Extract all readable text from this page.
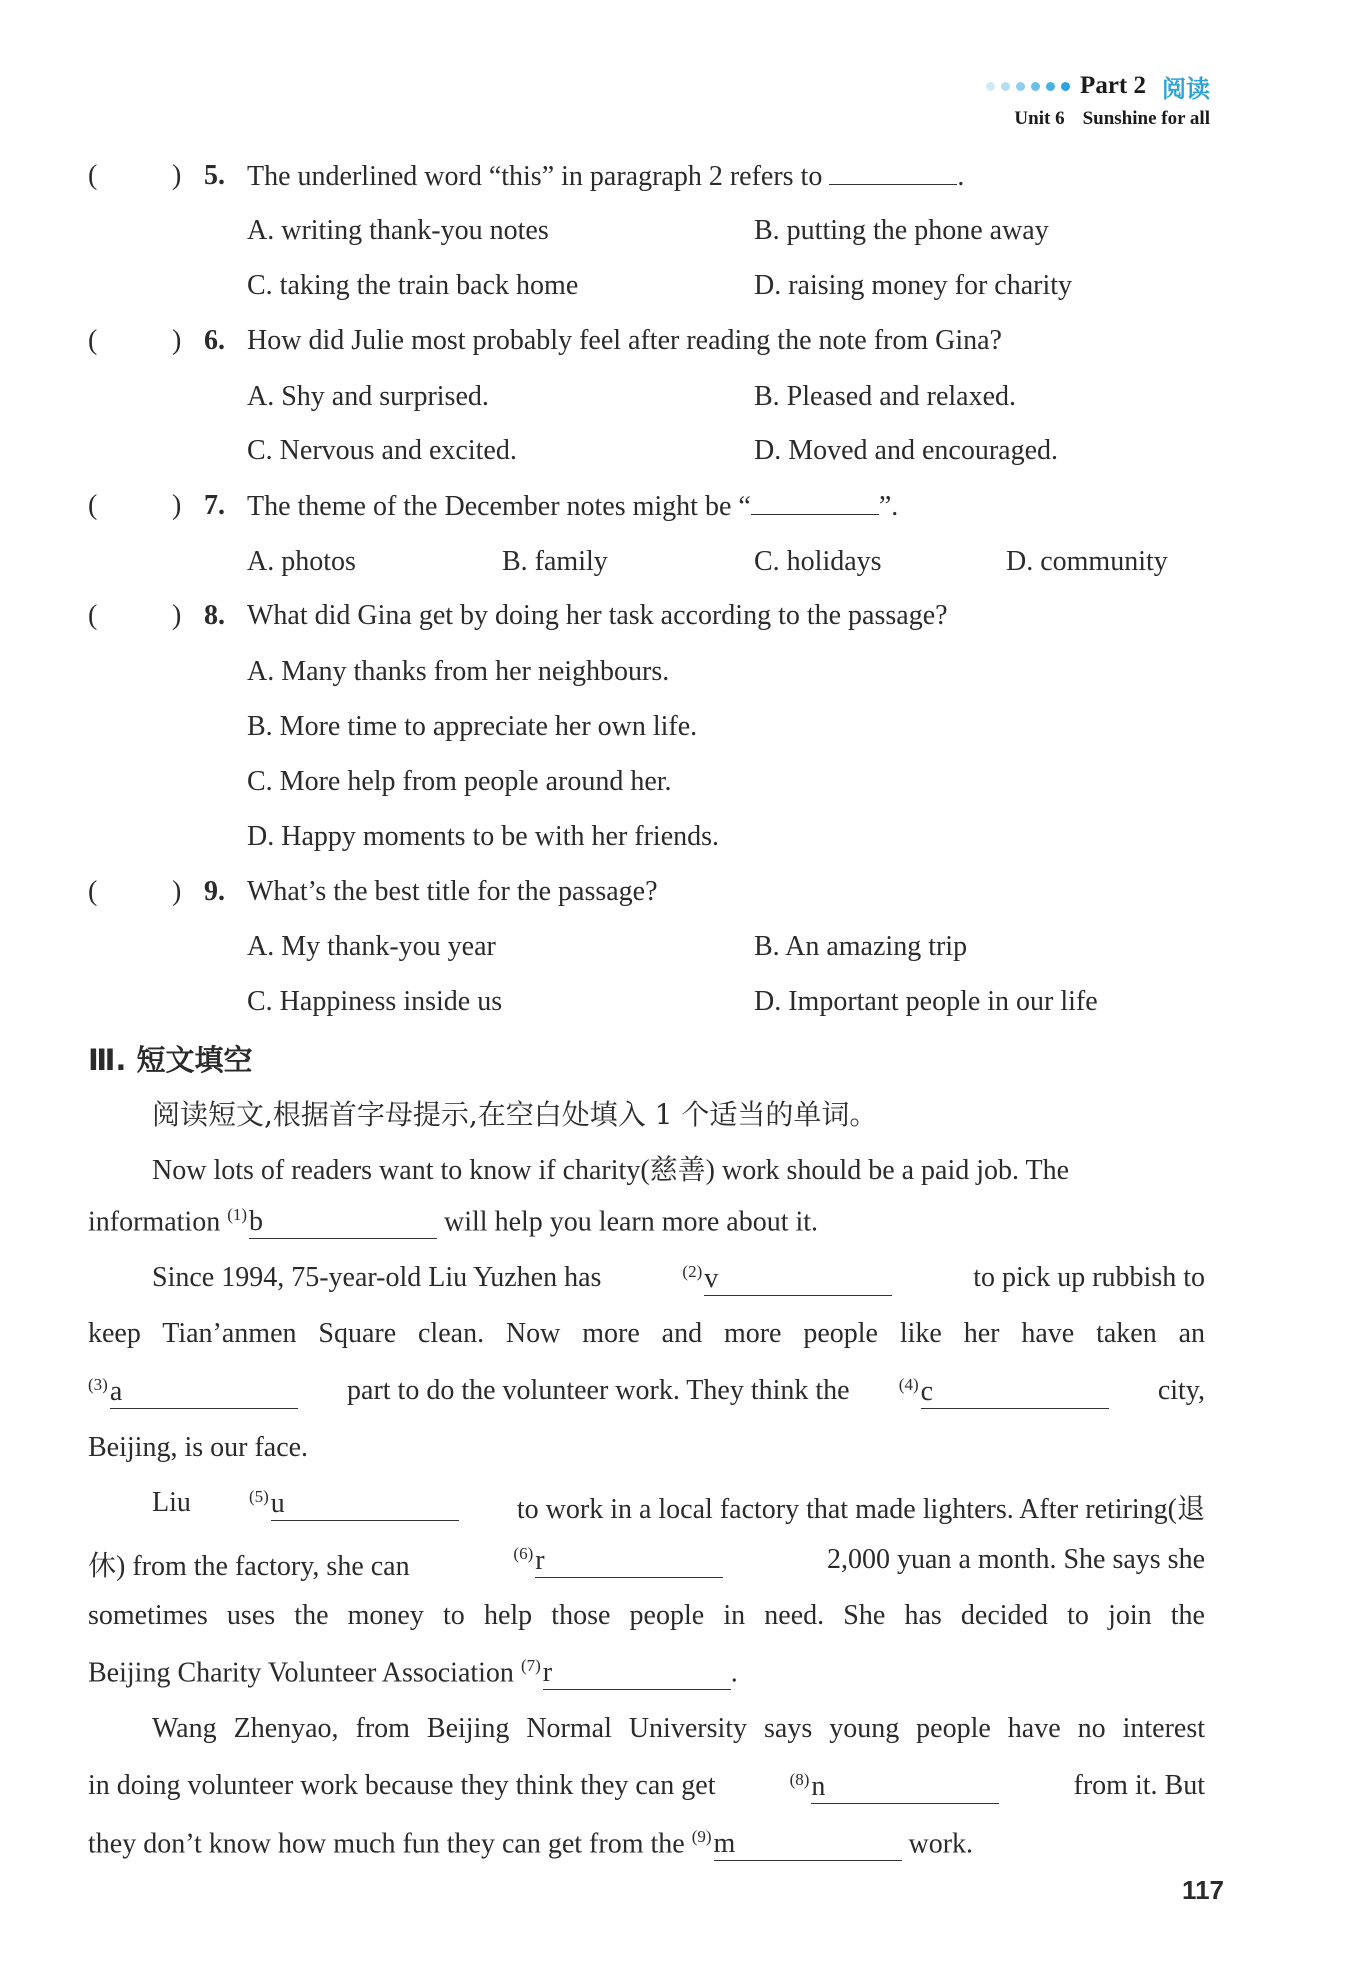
Part 2 阅读
Unit 6 Sunshine for all
(	) 5. The underlined word “this” in paragraph 2 refers to	.
A. writing thank-you notes	B. putting the phone away
C. taking the train back home	D. raising money for charity
(	) 6. How did Julie most probably feel after reading the note from Gina?
A. Shy and surprised.	B. Pleased and relaxed.
C. Nervous and excited.	D. Moved and encouraged.
(	) 7. The theme of the December notes might be “	”.
A. photos	B. family	C. holidays	D. community
(	) 8. What did Gina get by doing her task according to the passage?
A. Many thanks from her neighbours.
B. More time to appreciate her own life.
C. More help from people around her.
D. Happy moments to be with her friends.
(	) 9. What’s the best title for the passage?
A. My thank-you year	B. An amazing trip
C. Happiness inside us	D. Important people in our life
Ⅲ. 短文填空
阅读短文,根据首字母提示,在空白处填入 1 个适当的单词。
Now lots of readers want to know if charity(慈善) work should be a paid job. The
information $^{(1)}$b	will help you learn more about it.
Since 1994, 75-year-old Liu Yuzhen has	$^{(2)}$v	to pick up rubbish to
keep Tian’anmen Square clean. Now more and more people like her have taken an
$^{(3)}$a	part to do the volunteer work. They think the	$^{(4)}$c	city,
Beijing, is our face.
Liu	$^{(5)}$u	to work in a local factory that made lighters. After retiring(退
休) from the factory, she can	$^{(6)}$r	2,000 yuan a month. She says she
sometimes uses the money to help those people in need. She has decided to join the
Beijing Charity Volunteer Association $^{(7)}$r	.
Wang Zhenyao, from Beijing Normal University says young people have no interest
in doing volunteer work because they think they can get	$^{(8)}$n	from it. But
they don’t know how much fun they can get from the $^{(9)}$m	work.
117
